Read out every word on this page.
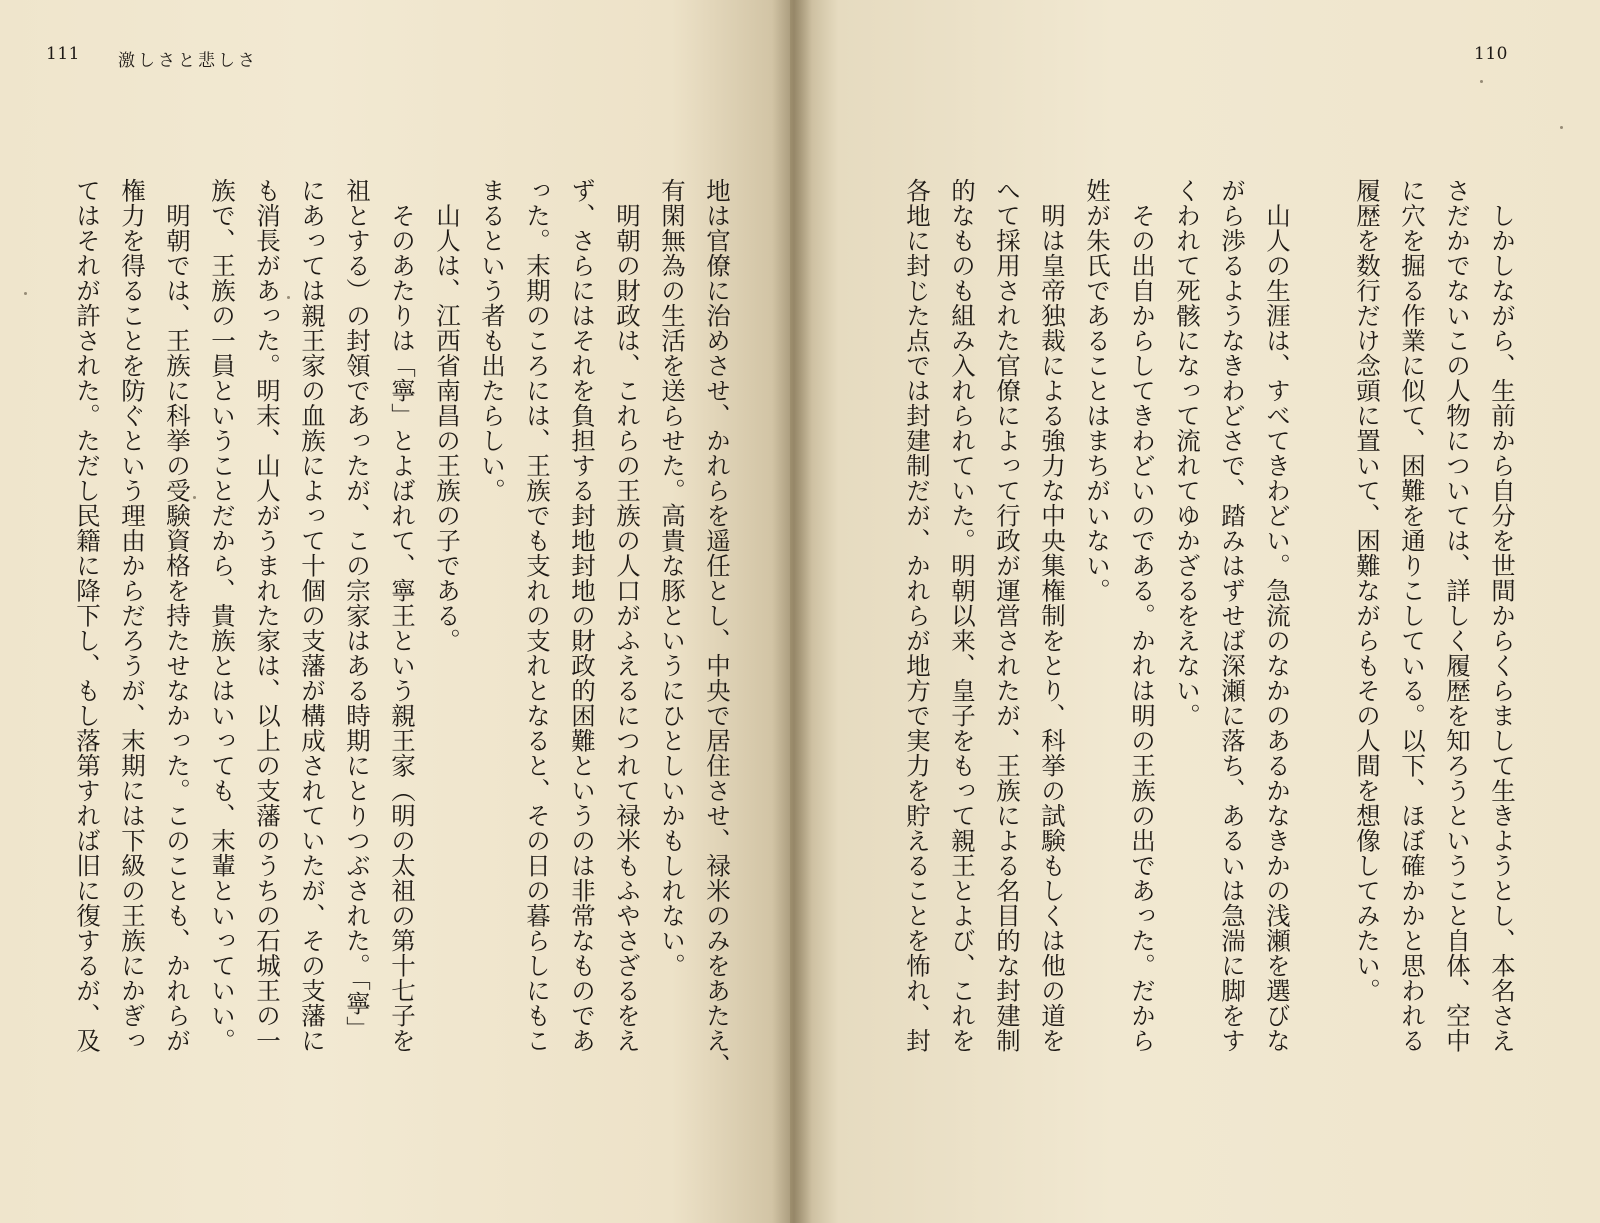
111 激しさと悲しさ
地は官僚に治めさせ、かれらを遥任とし、中央で居住させ、禄米のみをあたえ、
有閑無為の生活を送らせた。高貴な豚というにひとしいかもしれない。
　明朝の財政は、これらの王族の人口がふえるにつれて禄米もふやさざるをえ
ず、さらにはそれを負担する封地封地の財政的困難というのは非常なものであ
った。末期のころには、王族でも支れの支れとなると、その日の暮らしにもこ
まるという者も出たらしい。
　山人は、江西省南昌の王族の子である。
　そのあたりは「寧」とよばれて、寧王という親王家（明の太祖の第十七子を
祖とする）の封領であったが、この宗家はある時期にとりつぶされた。「寧」
にあっては親王家の血族によって十個の支藩が構成されていたが、その支藩に
も消長があった。明末、山人がうまれた家は、以上の支藩のうちの石城王の一
族で、王族の一員ということだから、貴族とはいっても、末輩といっていい。
　明朝では、王族に科挙の受験資格を持たせなかった。このことも、かれらが
権力を得ることを防ぐという理由からだろうが、末期には下級の王族にかぎっ
てはそれが許された。ただし民籍に降下し、もし落第すれば旧に復するが、及
110
　しかしながら、生前から自分を世間からくらまして生きようとし、本名さえ
さだかでないこの人物については、詳しく履歴を知ろうということ自体、空中
に穴を掘る作業に似て、困難を通りこしている。以下、ほぼ確かかと思われる
履歴を数行だけ念頭に置いて、困難ながらもその人間を想像してみたい。

　山人の生涯は、すべてきわどい。急流のなかのあるかなきかの浅瀬を選びな
がら渉るようなきわどさで、踏みはずせば深瀬に落ち、あるいは急湍に脚をす
くわれて死骸になって流れてゆかざるをえない。
　その出自からしてきわどいのである。かれは明の王族の出であった。だから
姓が朱氏であることはまちがいない。
　明は皇帝独裁による強力な中央集権制をとり、科挙の試験もしくは他の道を
へて採用された官僚によって行政が運営されたが、王族による名目的な封建制
的なものも組み入れられていた。明朝以来、皇子をもって親王とよび、これを
各地に封じた点では封建制だが、かれらが地方で実力を貯えることを怖れ、封
